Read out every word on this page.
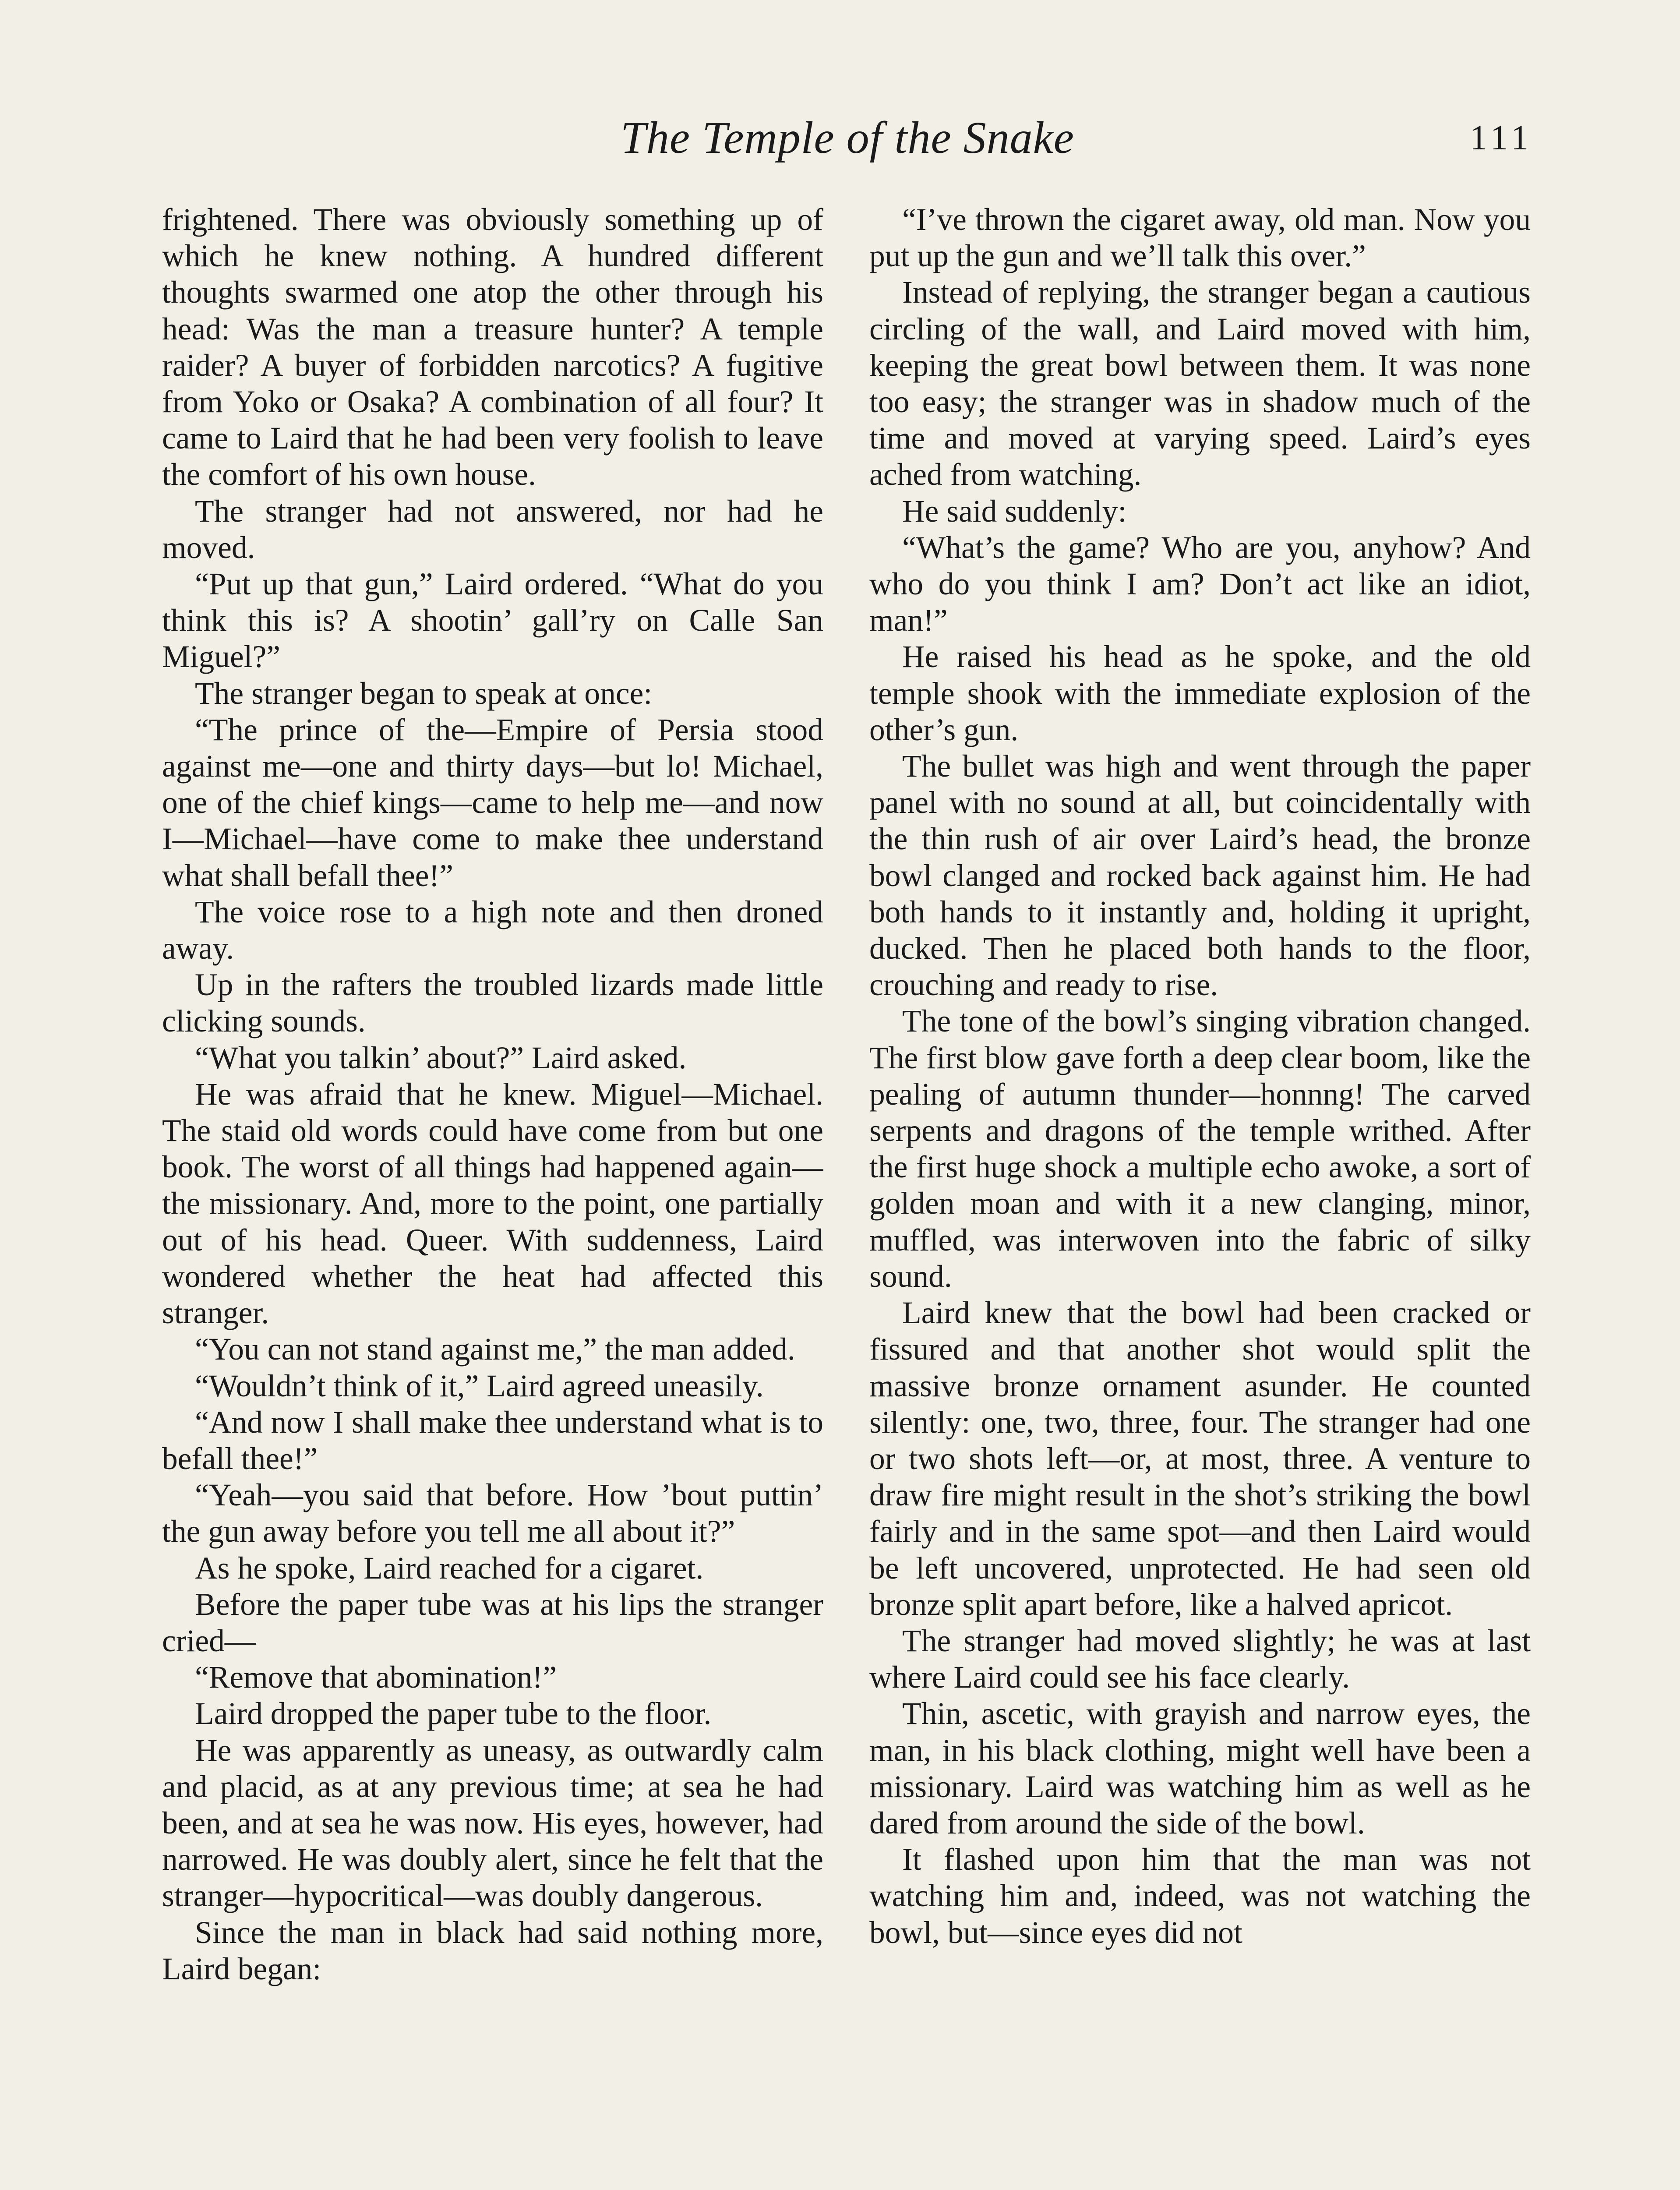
The Temple of the Snake	111

frightened. There was obviously something up of which he knew nothing. A hundred different thoughts swarmed one atop the other through his head: Was the man a treasure hunter? A temple raider? A buyer of forbidden narcotics? A fugitive from Yoko or Osaka? A combination of all four? It came to Laird that he had been very foolish to leave the comfort of his own house.

The stranger had not answered, nor had he moved.

“Put up that gun,” Laird ordered. “What do you think this is? A shootin’ gall’ry on Calle San Miguel?”

The stranger began to speak at once:

“The prince of the—Empire of Persia stood against me—one and thirty days—but lo! Michael, one of the chief kings—came to help me—and now I—Michael—have come to make thee understand what shall befall thee!”

The voice rose to a high note and then droned away.

Up in the rafters the troubled lizards made little clicking sounds.

“What you talkin’ about?” Laird asked.

He was afraid that he knew. Miguel—Michael. The staid old words could have come from but one book. The worst of all things had happened again—the missionary. And, more to the point, one partially out of his head. Queer. With suddenness, Laird wondered whether the heat had affected this stranger.

“You can not stand against me,” the man added.

“Wouldn’t think of it,” Laird agreed uneasily.

“And now I shall make thee understand what is to befall thee!”

“Yeah—you said that before. How ’bout puttin’ the gun away before you tell me all about it?”

As he spoke, Laird reached for a cigaret.

Before the paper tube was at his lips the stranger cried—

“Remove that abomination!”

Laird dropped the paper tube to the floor.

He was apparently as uneasy, as outwardly calm and placid, as at any previous time; at sea he had been, and at sea he was now. His eyes, however, had narrowed. He was doubly alert, since he felt that the stranger—hypocritical—was doubly dangerous.

Since the man in black had said nothing more, Laird began:

“I’ve thrown the cigaret away, old man. Now you put up the gun and we’ll talk this over.”

Instead of replying, the stranger began a cautious circling of the wall, and Laird moved with him, keeping the great bowl between them. It was none too easy; the stranger was in shadow much of the time and moved at varying speed. Laird’s eyes ached from watching.

He said suddenly:

“What’s the game? Who are you, anyhow? And who do you think I am? Don’t act like an idiot, man!”

He raised his head as he spoke, and the old temple shook with the immediate explosion of the other’s gun.

The bullet was high and went through the paper panel with no sound at all, but coincidentally with the thin rush of air over Laird’s head, the bronze bowl clanged and rocked back against him. He had both hands to it instantly and, holding it upright, ducked. Then he placed both hands to the floor, crouching and ready to rise.

The tone of the bowl’s singing vibration changed. The first blow gave forth a deep clear boom, like the pealing of autumn thunder—honnng! The carved serpents and dragons of the temple writhed. After the first huge shock a multiple echo awoke, a sort of golden moan and with it a new clanging, minor, muffled, was interwoven into the fabric of silky sound.

Laird knew that the bowl had been cracked or fissured and that another shot would split the massive bronze ornament asunder. He counted silently: one, two, three, four. The stranger had one or two shots left—or, at most, three. A venture to draw fire might result in the shot’s striking the bowl fairly and in the same spot—and then Laird would be left uncovered, unprotected. He had seen old bronze split apart before, like a halved apricot.

The stranger had moved slightly; he was at last where Laird could see his face clearly.

Thin, ascetic, with grayish and narrow eyes, the man, in his black clothing, might well have been a missionary. Laird was watching him as well as he dared from around the side of the bowl.

It flashed upon him that the man was not watching him and, indeed, was not watching the bowl, but—since eyes did not
